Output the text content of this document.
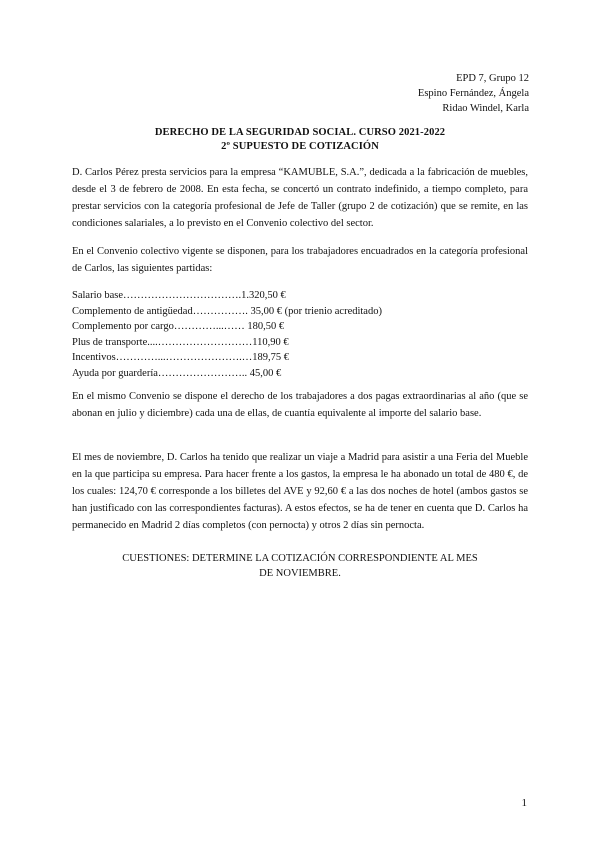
EPD 7, Grupo 12
Espino Fernández, Ángela
Ridao Windel, Karla
DERECHO DE LA SEGURIDAD SOCIAL. CURSO 2021-2022
2º SUPUESTO DE COTIZACIÓN
D. Carlos Pérez presta servicios para la empresa “KAMUBLE, S.A.”, dedicada a la fabricación de muebles, desde el 3 de febrero de 2008. En esta fecha, se concertó un contrato indefinido, a tiempo completo, para prestar servicios con la categoría profesional de Jefe de Taller (grupo 2 de cotización) que se remite, en las condiciones salariales, a lo previsto en el Convenio colectivo del sector.
En el Convenio colectivo vigente se disponen, para los trabajadores encuadrados en la categoría profesional de Carlos, las siguientes partidas:
Salario base…………………………….1.320,50 €
Complemento de antigüedad……………. 35,00 € (por trienio acreditado)
Complemento por cargo…………...…… 180,50 €
Plus de transporte....………………………110,90 €
Incentivos…………...………………….…189,75 €
Ayuda por guardería…………………….. 45,00 €
En el mismo Convenio se dispone el derecho de los trabajadores a dos pagas extraordinarias al año (que se abonan en julio y diciembre) cada una de ellas, de cuantía equivalente al importe del salario base.
El mes de noviembre, D. Carlos ha tenido que realizar un viaje a Madrid para asistir a una Feria del Mueble en la que participa su empresa. Para hacer frente a los gastos, la empresa le ha abonado un total de 480 €, de los cuales: 124,70 € corresponde a los billetes del AVE y 92,60 € a las dos noches de hotel (ambos gastos se han justificado con las correspondientes facturas). A estos efectos, se ha de tener en cuenta que D. Carlos ha permanecido en Madrid 2 días completos (con pernocta) y otros 2 días sin pernocta.
CUESTIONES: DETERMINE LA COTIZACIÓN CORRESPONDIENTE AL MES
DE NOVIEMBRE.
1
